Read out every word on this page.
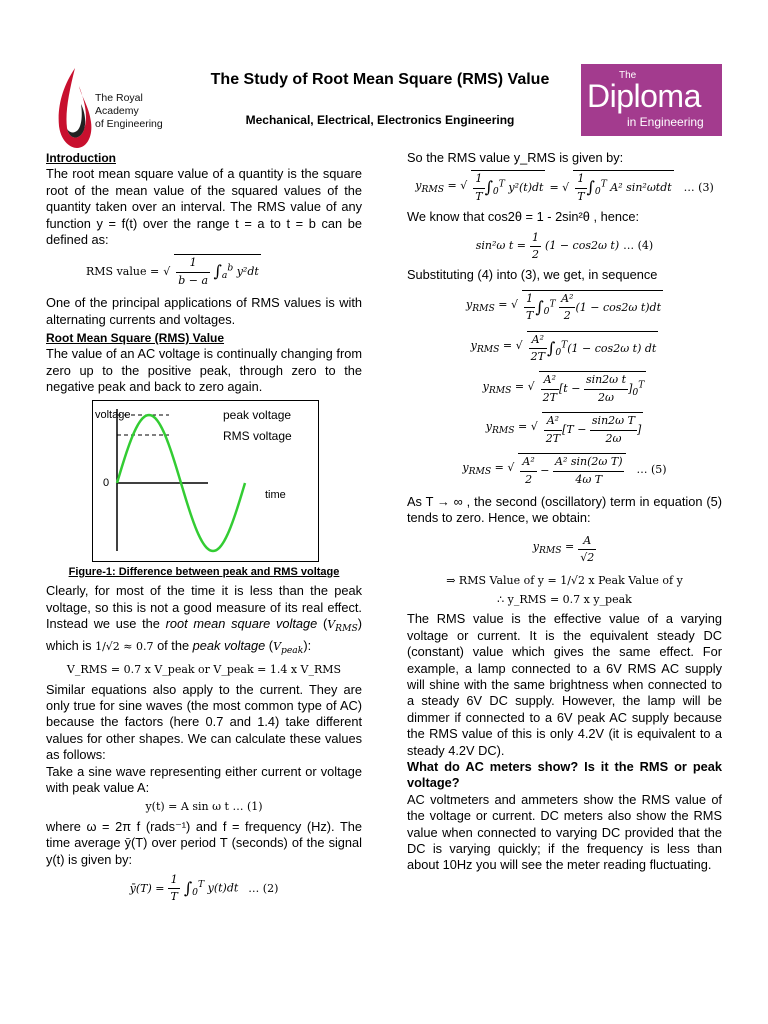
The Royal Academy
of Engineering
The Study of Root Mean Square (RMS) Value
Mechanical, Electrical, Electronics Engineering
The
Diploma
in Engineering
Introduction

The root mean square value of a quantity is the square root of the mean value of the squared values of the quantity taken over an interval. The RMS value of any function y = f(t) over the range t = a to t = b can be defined as:

RMS value = √ $\frac{1}{b - a} \int_a^b$ y²dt

One of the principal applications of RMS values is with alternating currents and voltages.

Root Mean Square (RMS) Value

The value of an AC voltage is continually changing from zero up to the positive peak, through zero to the negative peak and back to zero again.

voltage	peak voltage
RMS voltage
0
time
Figure-1: Difference between peak and RMS voltage

Clearly, for most of the time it is less than the peak voltage, so this is not a good measure of its real effect. Instead we use the root mean square voltage $(V_{RMS})$ which is 1/√2 ≈ 0.7 of the peak voltage $(V_{peak})$:

V_RMS = 0.7 x V_peak or V_peak = 1.4 x V_RMS

Similar equations also apply to the current. They are only true for sine waves (the most common type of AC) because the factors (here 0.7 and 1.4) take different values for other shapes. We can calculate these values as follows:

Take a sine wave representing either current or voltage with peak value A:

y(t) = A sin ω t … (1)

where ω = 2π f (rads⁻¹) and f = frequency (Hz). The time average ȳ(T) over period T (seconds) of the signal y(t) is given by:

ȳ(T) = $\frac{1}{T} \int_0^T$ y(t)dt … (2)

So the RMS value y_RMS is given by:

$y_{RMS}$ = √ $\frac{1}{T} \int_0^T$ y²(t)dt = √ $\frac{1}{T} \int_0^T$ A² sin²ωtdt … (3)

We know that cos2θ = 1 - 2sin²θ , hence:

sin²ω $t = \frac{1}{2} (1 - \cos 2\omega$ t) … (4)

Substituting (4) into (3), we get, in sequence

$y_{RMS}$ = √ $\frac{1}{T} \int_0^T \frac{\text{A²}}{2} (1 - \cos 2\omega$ t)dt
$y_{RMS}$ = √ $\frac{\text{A²}}{2T} \int_0^T(1 - \cos 2\omega$ t) dt
$y_{RMS}$ = √ $\frac{\text{A²}}{2T} [t - \frac{\text{sin2ω t}}{2\omega} ]_0^T$
$y_{RMS}$ = √ $\frac{\text{A²}}{2T} [T - \frac{\text{sin2ω T}}{2\omega}$ ]
$y_{RMS}$ = √ $\frac{\text{A²}}{2} - \frac{\text{A² sin(2ω T)}}{\text{4ω T}}$ … (5)

As T → ∞ , the second (oscillatory) term in equation (5) tends to zero. Hence, we obtain:

$y_{RMS} = \frac{A}{√2}$
⇒ RMS Value of y = 1/√2 x Peak Value of y
∴ y_RMS = 0.7 x y_peak

The RMS value is the effective value of a varying voltage or current. It is the equivalent steady DC (constant) value which gives the same effect. For example, a lamp connected to a 6V RMS AC supply will shine with the same brightness when connected to a steady 6V DC supply. However, the lamp will be dimmer if connected to a 6V peak AC supply because the RMS value of this is only 4.2V (it is equivalent to a steady 4.2V DC).

What do AC meters show? Is it the RMS or peak voltage?

AC voltmeters and ammeters show the RMS value of the voltage or current. DC meters also show the RMS value when connected to varying DC provided that the DC is varying quickly; if the frequency is less than about 10Hz you will see the meter reading fluctuating.
